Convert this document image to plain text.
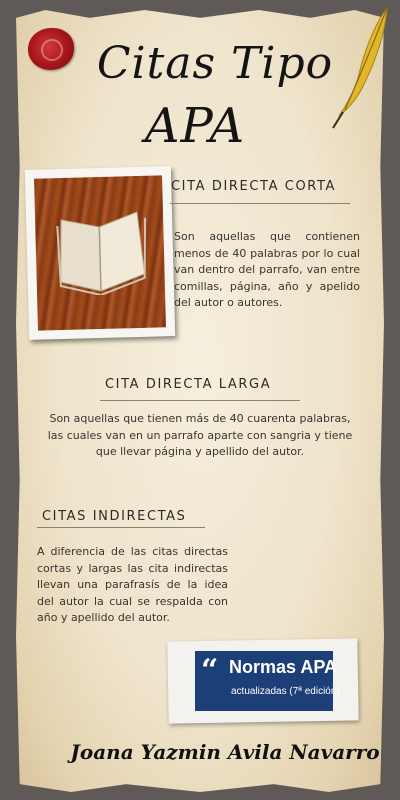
Citas Tipo
APA
CITA DIRECTA CORTA
Son aquellas que contienen menos de 40 palabras por lo cual van dentro del parrafo, van entre comillas, página, año y apelido del autor o autores.
CITA DIRECTA LARGA
Son aquellas que tienen más de 40 cuarenta palabras, las cuales van en un parrafo aparte con sangria y tiene que llevar página y apellido del autor.
CITAS INDIRECTAS
A diferencia de las citas directas cortas y largas las cita indirectas llevan una parafrasís de la idea del autor la cual se respalda con año y apellido del autor.
“ Normas APA
actualizadas (7ª edición)
Joana Yazmin Avila Navarro
